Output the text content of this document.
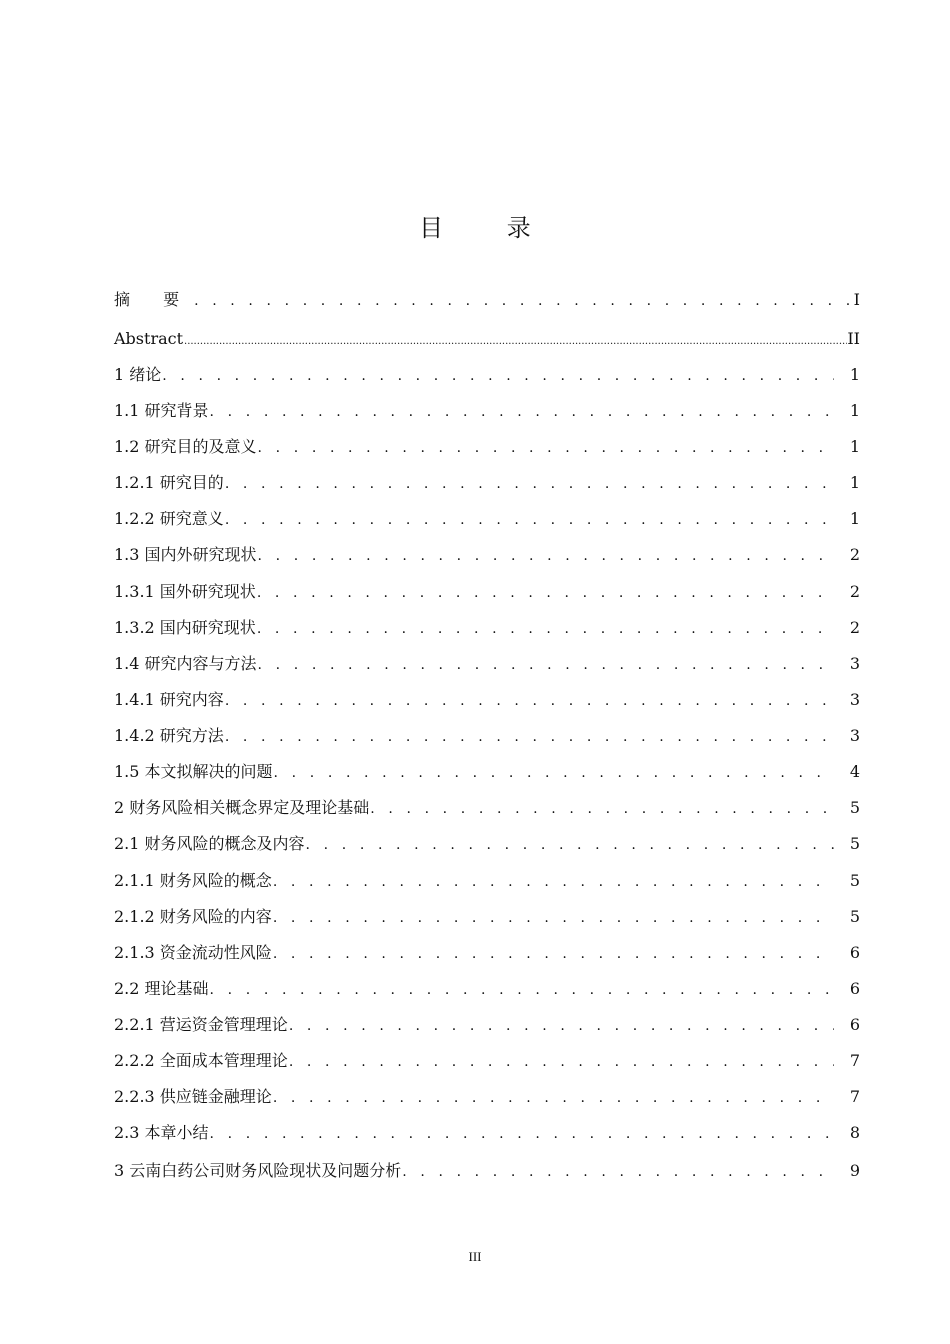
目 录
摘 要 . . .	I
Abstract .....	II
1 绪论 . . .	1
1.1 研究背景 . . .	1
1.2 研究目的及意义 . . .	1
1.2.1 研究目的 . . .	1
1.2.2 研究意义 . . .	1
1.3 国内外研究现状 . . .	2
1.3.1 国外研究现状 . . .	2
1.3.2 国内研究现状 . . .	2
1.4 研究内容与方法 . . .	3
1.4.1 研究内容 . . .	3
1.4.2 研究方法 . . .	3
1.5 本文拟解决的问题 . . .	4
2 财务风险相关概念界定及理论基础 . . .	5
2.1 财务风险的概念及内容 . . .	5
2.1.1 财务风险的概念 . . .	5
2.1.2 财务风险的内容 . . .	5
2.1.3 资金流动性风险 . . .	6
2.2 理论基础 . . .	6
2.2.1 营运资金管理理论 . . .	6
2.2.2 全面成本管理理论 . . .	7
2.2.3 供应链金融理论 . . .	7
2.3 本章小结 . . .	8
3 云南白药公司财务风险现状及问题分析 . . .	9
III
